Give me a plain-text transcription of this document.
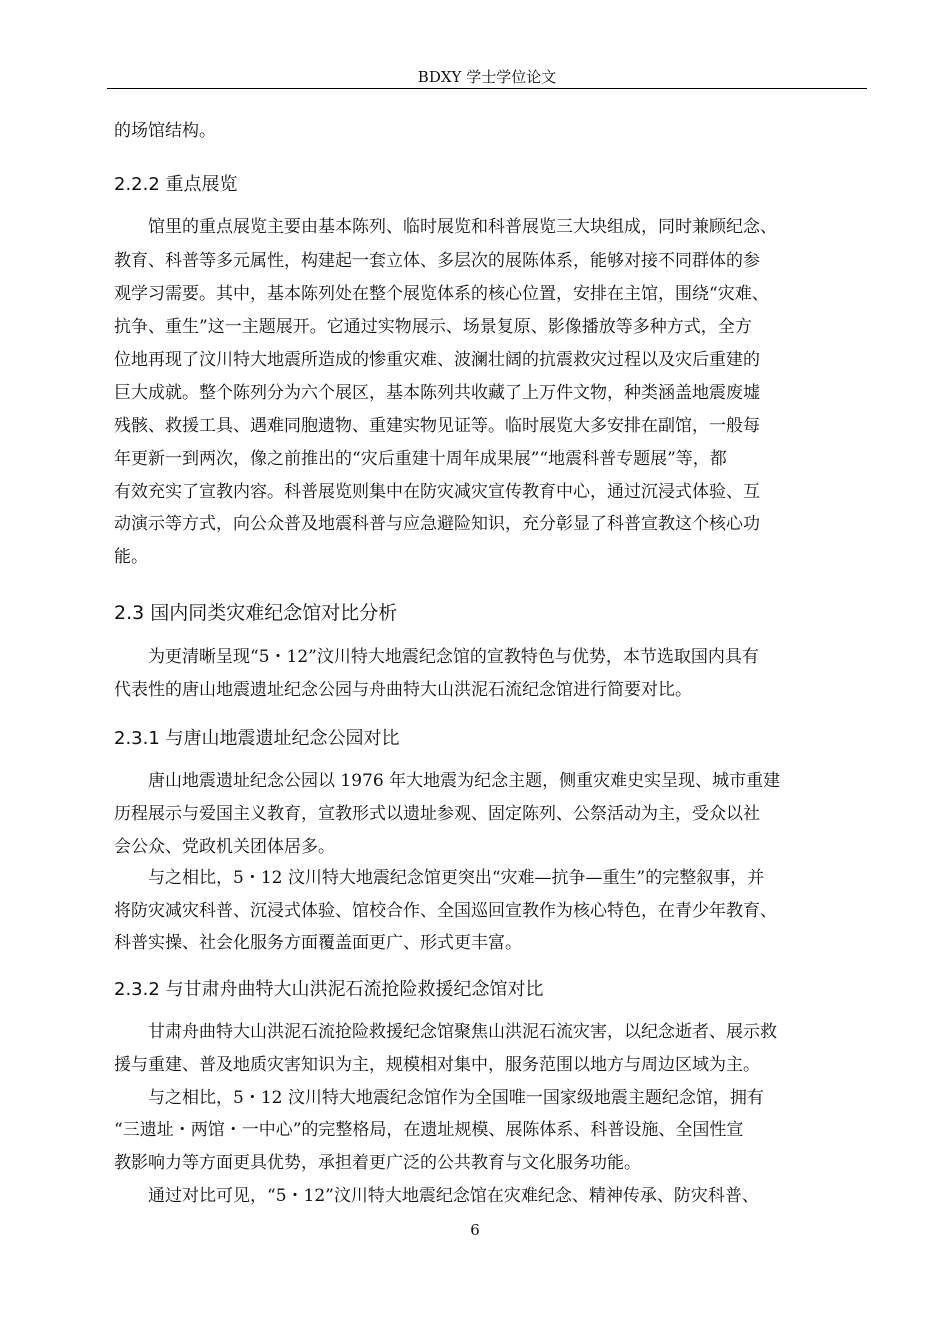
BDXY 学士学位论文
的场馆结构。
2.2.2 重点展览
馆里的重点展览主要由基本陈列、临时展览和科普展览三大块组成，同时兼顾纪念、
教育、科普等多元属性，构建起一套立体、多层次的展陈体系，能够对接不同群体的参
观学习需要。其中，基本陈列处在整个展览体系的核心位置，安排在主馆，围绕“灾难、
抗争、重生”这一主题展开。它通过实物展示、场景复原、影像播放等多种方式，全方
位地再现了汶川特大地震所造成的惨重灾难、波澜壮阔的抗震救灾过程以及灾后重建的
巨大成就。整个陈列分为六个展区，基本陈列共收藏了上万件文物，种类涵盖地震废墟
残骸、救援工具、遇难同胞遗物、重建实物见证等。临时展览大多安排在副馆，一般每
年更新一到两次，像之前推出的“灾后重建十周年成果展”“地震科普专题展”等，都
有效充实了宣教内容。科普展览则集中在防灾减灾宣传教育中心，通过沉浸式体验、互
动演示等方式，向公众普及地震科普与应急避险知识，充分彰显了科普宣教这个核心功
能。
2.3 国内同类灾难纪念馆对比分析
为更清晰呈现“5・12”汶川特大地震纪念馆的宣教特色与优势，本节选取国内具有
代表性的唐山地震遗址纪念公园与舟曲特大山洪泥石流纪念馆进行简要对比。
2.3.1 与唐山地震遗址纪念公园对比
唐山地震遗址纪念公园以 1976 年大地震为纪念主题，侧重灾难史实呈现、城市重建
历程展示与爱国主义教育，宣教形式以遗址参观、固定陈列、公祭活动为主，受众以社
会公众、党政机关团体居多。
与之相比，5・12 汶川特大地震纪念馆更突出“灾难—抗争—重生”的完整叙事，并
将防灾减灾科普、沉浸式体验、馆校合作、全国巡回宣教作为核心特色，在青少年教育、
科普实操、社会化服务方面覆盖面更广、形式更丰富。
2.3.2 与甘肃舟曲特大山洪泥石流抢险救援纪念馆对比
甘肃舟曲特大山洪泥石流抢险救援纪念馆聚焦山洪泥石流灾害，以纪念逝者、展示救
援与重建、普及地质灾害知识为主，规模相对集中，服务范围以地方与周边区域为主。
与之相比，5・12 汶川特大地震纪念馆作为全国唯一国家级地震主题纪念馆，拥有
“三遗址・两馆・一中心”的完整格局，在遗址规模、展陈体系、科普设施、全国性宣
教影响力等方面更具优势，承担着更广泛的公共教育与文化服务功能。
通过对比可见，“5・12”汶川特大地震纪念馆在灾难纪念、精神传承、防灾科普、
6
